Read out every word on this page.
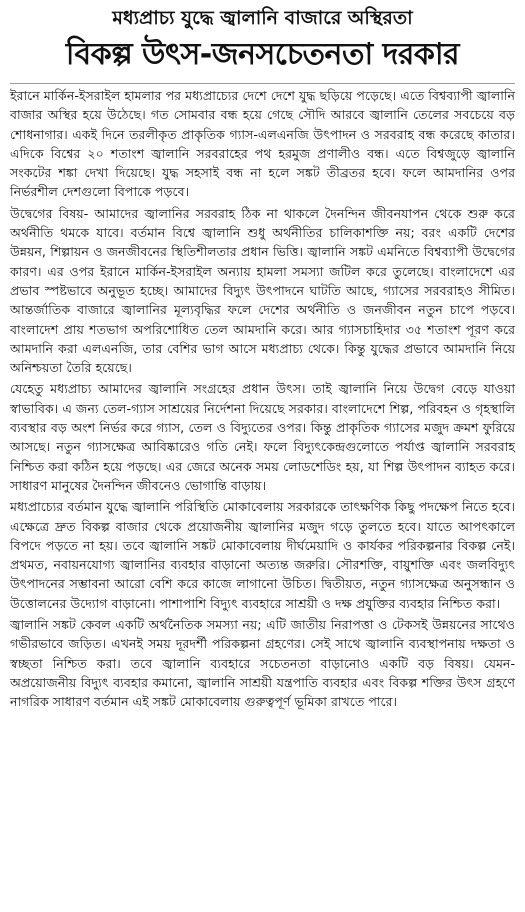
মধ্যপ্রাচ্য যুদ্ধে জ্বালানি বাজারে অস্থিরতা
বিকল্প উৎস-জনসচেতনতা দরকার

ইরানে মার্কিন-ইসরাইল হামলার পর মধ্যপ্রাচ্যের দেশে দেশে যুদ্ধ ছড়িয়ে পড়েছে। এতে বিশ্বব্যাপী জ্বালানি বাজার অস্থির হয়ে উঠেছে। গত সোমবার বন্ধ হয়ে গেছে সৌদি আরবে জ্বালানি তেলের সবচেয়ে বড় শোধনাগার। একই দিনে তরলীকৃত প্রাকৃতিক গ্যাস-এলএনজি উৎপাদন ও সরবরাহ বন্ধ করেছে কাতার। এদিকে বিশ্বের ২০ শতাংশ জ্বালানি সরবরাহের পথ হরমুজ প্রণালীও বন্ধ। এতে বিশ্বজুড়ে জ্বালানি সংকটের শঙ্কা দেখা দিয়েছে। যুদ্ধ সহসাই বন্ধ না হলে সঙ্কট তীব্রতর হবে। ফলে আমদানির ওপর নির্ভরশীল দেশগুলো বিপাকে পড়বে।

উদ্বেগের বিষয়- আমাদের জ্বালানির সরবরাহ ঠিক না থাকলে দৈনন্দিন জীবনযাপন থেকে শুরু করে অর্থনীতি থমকে যাবে। বর্তমান বিশ্বে জ্বালানি শুধু অর্থনীতির চালিকাশক্তি নয়; বরং একটি দেশের উন্নয়ন, শিল্পায়ন ও জনজীবনের স্থিতিশীলতার প্রধান ভিত্তি। জ্বালানি সঙ্কট এমনিতে বিশ্বব্যাপী উদ্বেগের কারণ। এর ওপর ইরানে মার্কিন-ইসরাইল অন্যায় হামলা সমস্যা জটিল করে তুলেছে। বাংলাদেশে এর প্রভাব স্পষ্টভাবে অনুভূত হচ্ছে। আমাদের বিদ্যুৎ উৎপাদনে ঘাটতি আছে, গ্যাসের সরবরাহও সীমিত। আন্তর্জাতিক বাজারে জ্বালানির মূল্যবৃদ্ধির ফলে দেশের অর্থনীতি ও জনজীবন নতুন চাপে পড়বে। বাংলাদেশ প্রায় শতভাগ অপরিশোধিত তেল আমদানি করে। আর গ্যাসচাহিদার ৩৫ শতাংশ পূরণ করে আমদানি করা এলএনজি, তার বেশির ভাগ আসে মধ্যপ্রাচ্য থেকে। কিন্তু যুদ্ধের প্রভাবে আমদানি নিয়ে অনিশ্চয়তা তৈরি হয়েছে।

যেহেতু মধ্যপ্রাচ্য আমাদের জ্বালানি সংগ্রহের প্রধান উৎস। তাই জ্বালানি নিয়ে উদ্বেগ বেড়ে যাওয়া স্বাভাবিক। এ জন্য তেল-গ্যাস সাশ্রয়ের নির্দেশনা দিয়েছে সরকার। বাংলাদেশে শিল্প, পরিবহন ও গৃহস্থালি ব্যবস্থার বড় অংশ নির্ভর করে গ্যাস, তেল ও বিদ্যুতের ওপর। কিন্তু প্রাকৃতিক গ্যাসের মজুদ ক্রমশ ফুরিয়ে আসছে। নতুন গ্যাসক্ষেত্র আবিষ্কারেও গতি নেই। ফলে বিদ্যুৎকেন্দ্রগুলোতে পর্যাপ্ত জ্বালানি সরবরাহ নিশ্চিত করা কঠিন হয়ে পড়ছে। এর জেরে অনেক সময় লোডশেডিং হয়, যা শিল্প উৎপাদন ব্যাহত করে। সাধারণ মানুষের দৈনন্দিন জীবনেও ভোগান্তি বাড়ায়।

মধ্যপ্রাচ্যের বর্তমান যুদ্ধে জ্বালানি পরিস্থিতি মোকাবেলায় সরকারকে তাৎক্ষণিক কিছু পদক্ষেপ নিতে হবে। এক্ষেত্রে দ্রুত বিকল্প বাজার থেকে প্রয়োজনীয় জ্বালানির মজুদ গড়ে তুলতে হবে। যাতে আপৎকালে বিপদে পড়তে না হয়। তবে জ্বালানি সঙ্কট মোকাবেলায় দীর্ঘমেয়াদি ও কার্যকর পরিকল্পনার বিকল্প নেই। প্রথমত, নবায়নযোগ্য জ্বালানির ব্যবহার বাড়ানো অত্যন্ত জরুরি। সৌরশক্তি, বায়ুশক্তি এবং জলবিদ্যুৎ উৎপাদনের সম্ভাবনা আরো বেশি করে কাজে লাগানো উচিত। দ্বিতীয়ত, নতুন গ্যাসক্ষেত্র অনুসন্ধান ও উত্তোলনের উদ্যোগ বাড়ানো। পাশাপাশি বিদ্যুৎ ব্যবহারে সাশ্রয়ী ও দক্ষ প্রযুক্তির ব্যবহার নিশ্চিত করা।

জ্বালানি সঙ্কট কেবল একটি অর্থনৈতিক সমস্যা নয়; এটি জাতীয় নিরাপত্তা ও টেকসই উন্নয়নের সাথেও গভীরভাবে জড়িত। এখনই সময় দূরদর্শী পরিকল্পনা গ্রহণের। সেই সাথে জ্বালানি ব্যবস্থাপনায় দক্ষতা ও স্বচ্ছতা নিশ্চিত করা। তবে জ্বালানি ব্যবহারে সচেতনতা বাড়ানোও একটি বড় বিষয়। যেমন- অপ্রয়োজনীয় বিদ্যুৎ ব্যবহার কমানো, জ্বালানি সাশ্রয়ী যন্ত্রপাতি ব্যবহার এবং বিকল্প শক্তির উৎস গ্রহণে নাগরিক সাধারণ বর্তমান এই সঙ্কট মোকাবেলায় গুরুত্বপূর্ণ ভূমিকা রাখতে পারে।
